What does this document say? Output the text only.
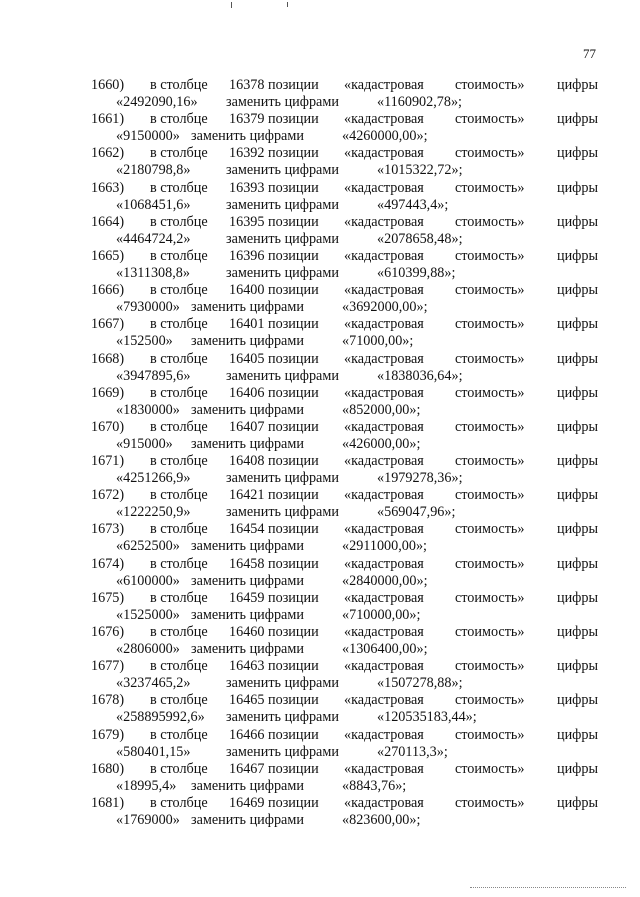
77
1660) в столбце 16378 позиции «кадастровая стоимость» цифры
«2492090,16» заменить цифрами	«1160902,78»;
1661) в столбце 16379 позиции «кадастровая стоимость» цифры
«9150000» заменить цифрами	«4260000,00»;
1662) в столбце 16392 позиции «кадастровая стоимость» цифры
«2180798,8»	заменить цифрами	«1015322,72»;
1663) в столбце 16393 позиции «кадастровая стоимость» цифры
«1068451,6»	заменить цифрами	«497443,4»;
1664) в столбце 16395 позиции «кадастровая стоимость» цифры
«4464724,2»	заменить цифрами	«2078658,48»;
1665) в столбце 16396 позиции «кадастровая стоимость» цифры
«1311308,8»	заменить цифрами	«610399,88»;
1666) в столбце 16400 позиции «кадастровая стоимость» цифры
«7930000» заменить цифрами	«3692000,00»;
1667) в столбце 16401 позиции «кадастровая стоимость» цифры
«152500» заменить цифрами	«71000,00»;
1668) в столбце 16405 позиции «кадастровая стоимость» цифры
«3947895,6»	заменить цифрами	«1838036,64»;
1669) в столбце 16406 позиции «кадастровая стоимость» цифры
«1830000» заменить цифрами	«852000,00»;
1670) в столбце 16407 позиции «кадастровая стоимость» цифры
«915000» заменить цифрами	«426000,00»;
1671) в столбце 16408 позиции «кадастровая стоимость» цифры
«4251266,9»	заменить цифрами	«1979278,36»;
1672) в столбце 16421 позиции «кадастровая стоимость» цифры
«1222250,9»	заменить цифрами	«569047,96»;
1673) в столбце 16454 позиции «кадастровая стоимость» цифры
«6252500» заменить цифрами	«2911000,00»;
1674) в столбце 16458 позиции «кадастровая стоимость» цифры
«6100000» заменить цифрами	«2840000,00»;
1675) в столбце 16459 позиции «кадастровая стоимость» цифры
«1525000» заменить цифрами	«710000,00»;
1676) в столбце 16460 позиции «кадастровая стоимость» цифры
«2806000» заменить цифрами	«1306400,00»;
1677) в столбце 16463 позиции «кадастровая стоимость» цифры
«3237465,2»	заменить цифрами	«1507278,88»;
1678) в столбце 16465 позиции «кадастровая стоимость» цифры
«258895992,6» заменить цифрами	«120535183,44»;
1679) в столбце 16466 позиции «кадастровая стоимость» цифры
«580401,15»	заменить цифрами	«270113,3»;
1680) в столбце 16467 позиции «кадастровая стоимость» цифры
«18995,4» заменить цифрами	«8843,76»;
1681) в столбце 16469 позиции «кадастровая стоимость» цифры
«1769000» заменить цифрами	«823600,00»;
